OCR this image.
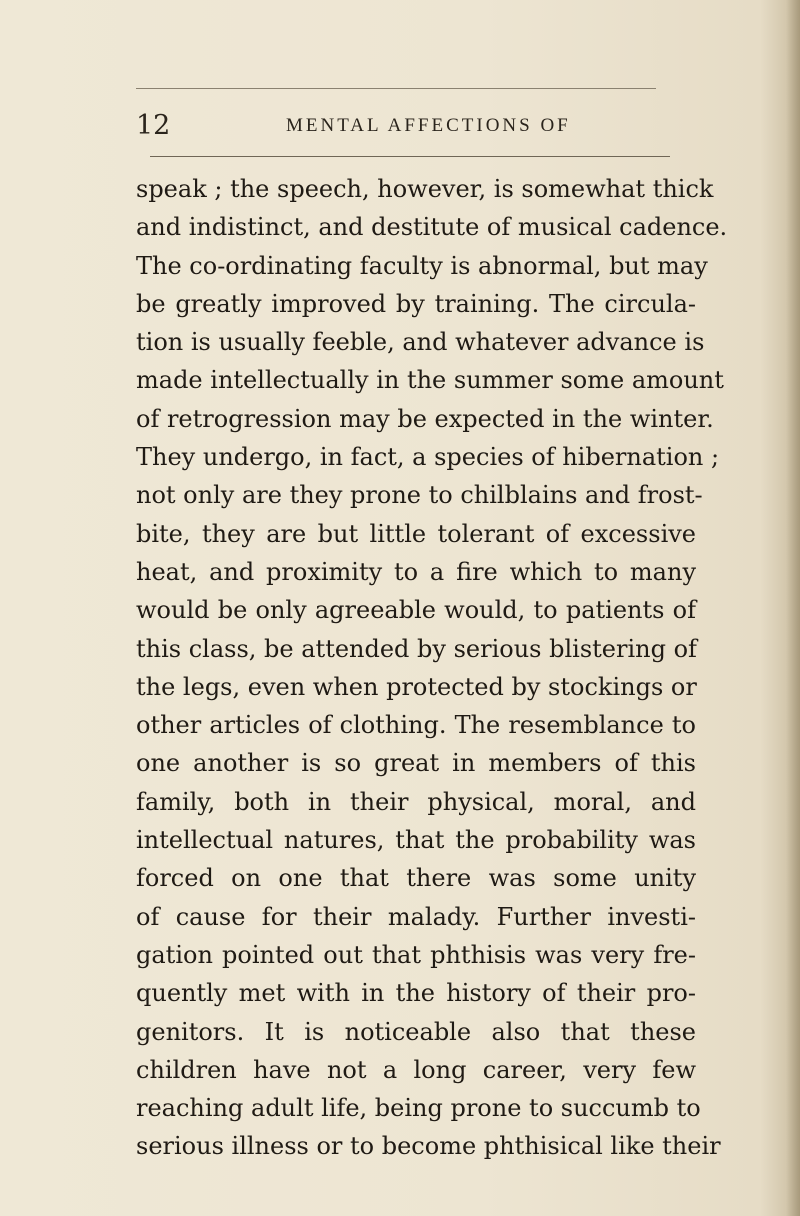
12	MENTAL AFFECTIONS OF
speak ; the speech, however, is somewhat thick
and indistinct, and destitute of musical cadence.
The co-ordinating faculty is abnormal, but may
be greatly improved by training. The circula-
tion is usually feeble, and whatever advance is
made intellectually in the summer some amount
of retrogression may be expected in the winter.
They undergo, in fact, a species of hibernation ;
not only are they prone to chilblains and frost-
bite, they are but little tolerant of excessive
heat, and proximity to a fire which to many
would be only agreeable would, to patients of
this class, be attended by serious blistering of
the legs, even when protected by stockings or
other articles of clothing. The resemblance to
one another is so great in members of this
family, both in their physical, moral, and
intellectual natures, that the probability was
forced on one that there was some unity
of cause for their malady. Further investi-
gation pointed out that phthisis was very fre-
quently met with in the history of their pro-
genitors. It is noticeable also that these
children have not a long career, very few
reaching adult life, being prone to succumb to
serious illness or to become phthisical like their
